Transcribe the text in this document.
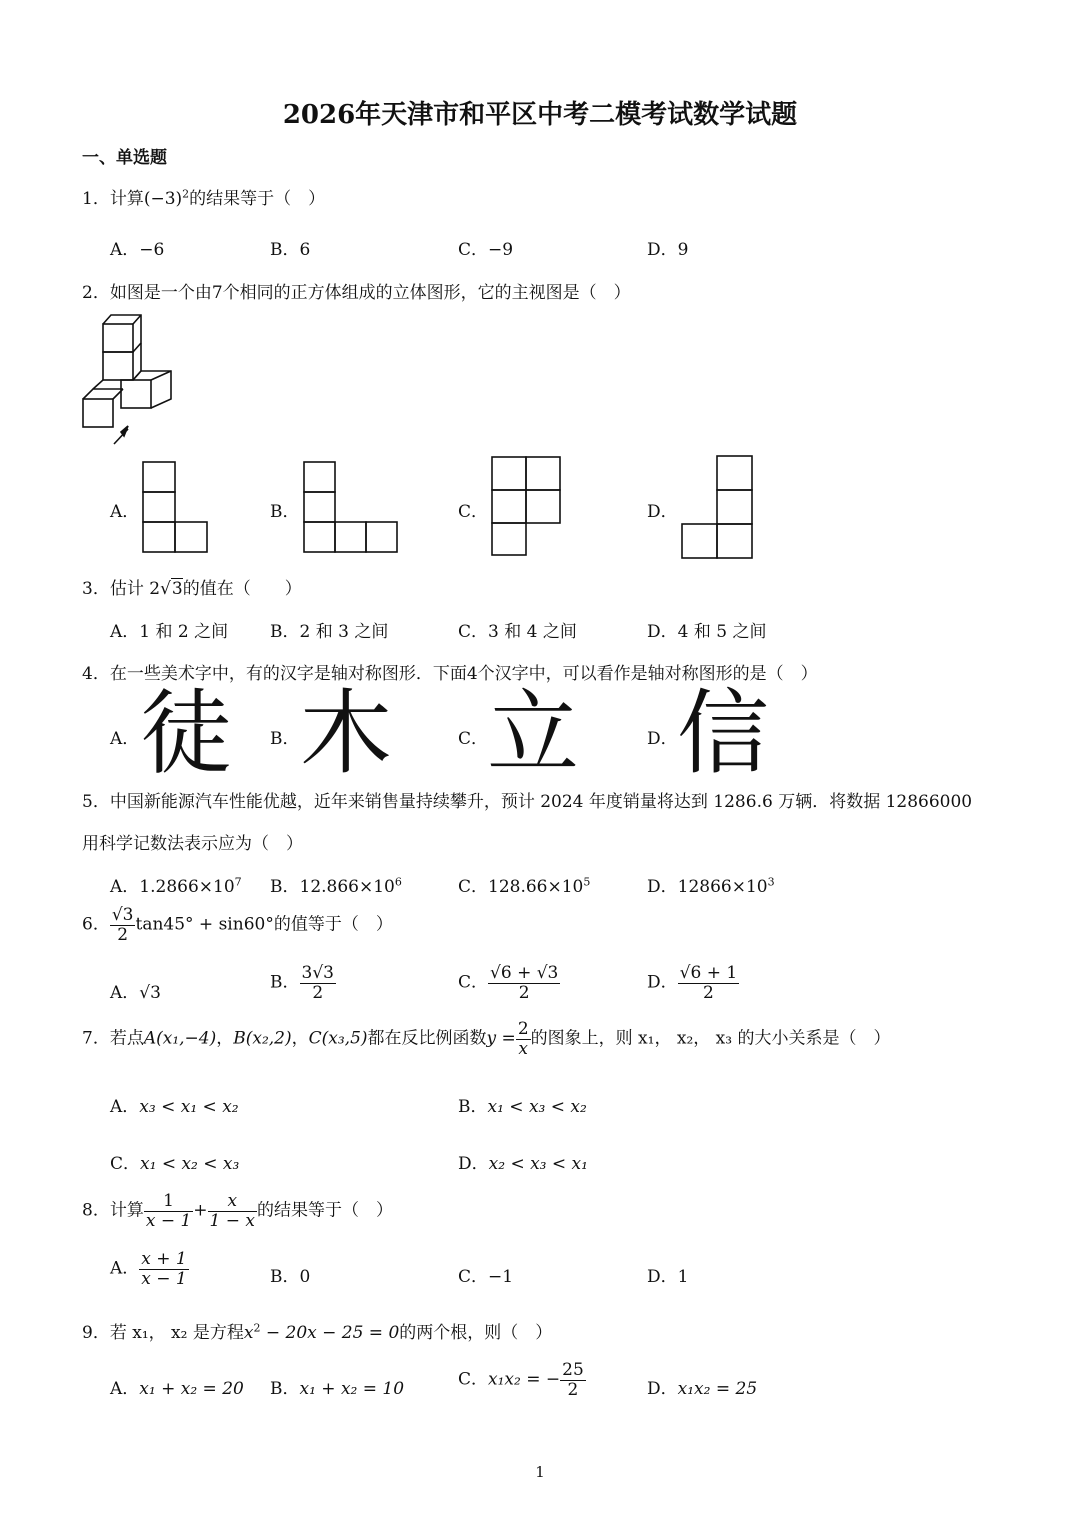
2026年天津市和平区中考二模考试数学试题
一、单选题
1．计算$(-3)^2$的结果等于（　）
A．−6	B．6	C．−9	D．9
2．如图是一个由7个相同的正方体组成的立体图形，它的主视图是（　）
A．	B．	C．	D．
3．估计 2√3的值在（　　）
A．1 和 2 之间 B．2 和 3 之间	C．3 和 4 之间	D．4 和 5 之间
4．在一些美术字中，有的汉字是轴对称图形．下面4个汉字中，可以看作是轴对称图形的是（　）
A． 徒 B． 木	C．
立	D． 信
5．中国新能源汽车性能优越，近年来销售量持续攀升，预计 2024 年度销量将达到 1286.6 万辆．将数据 12866000
用科学记数法表示应为（　）
A．$1.2866\times 10^7$ B．$12.866\times 10^6$	C．$128.66\times 10^5$	D．$12866\times 10^3$
6． $\frac{√3}{2} \tan 45^\circ + \sin 60^\circ$的值等于（　）
A．√3
B． $\frac{3√3}{2}$	C． $\frac{√6 + √3}{2}$	D． $\frac{√6 + 1}{2}$
7．若点A(x₁,−4)，B(x₂,2)，C(x₃,5)都在反比例函数$y = \frac{2}{x}$ 的图象上，则 x₁， x₂， x₃ 的大小关系是（　）
A．x₃ < x₁ < x₂	B．x₁ < x₃ < x₂
C．x₁ < x₂ < x₃	D．x₂ < x₃ < x₁
8．计算 $\frac{1}{x - 1} + \frac{x}{1 - x}$ 的结果等于（　）
A． $\frac{x + 1}{x - 1}$	B．0	C．−1	D．1
9．若 x₁， x₂ 是方程$x^2 - 20x - 25 = 0$的两个根，则（　）
A．x₁ + x₂ = 20 B．x₁ + x₂ = 10	C．x₁x₂ = − $\frac{25}{2}$	D．x₁x₂ = 25
1
